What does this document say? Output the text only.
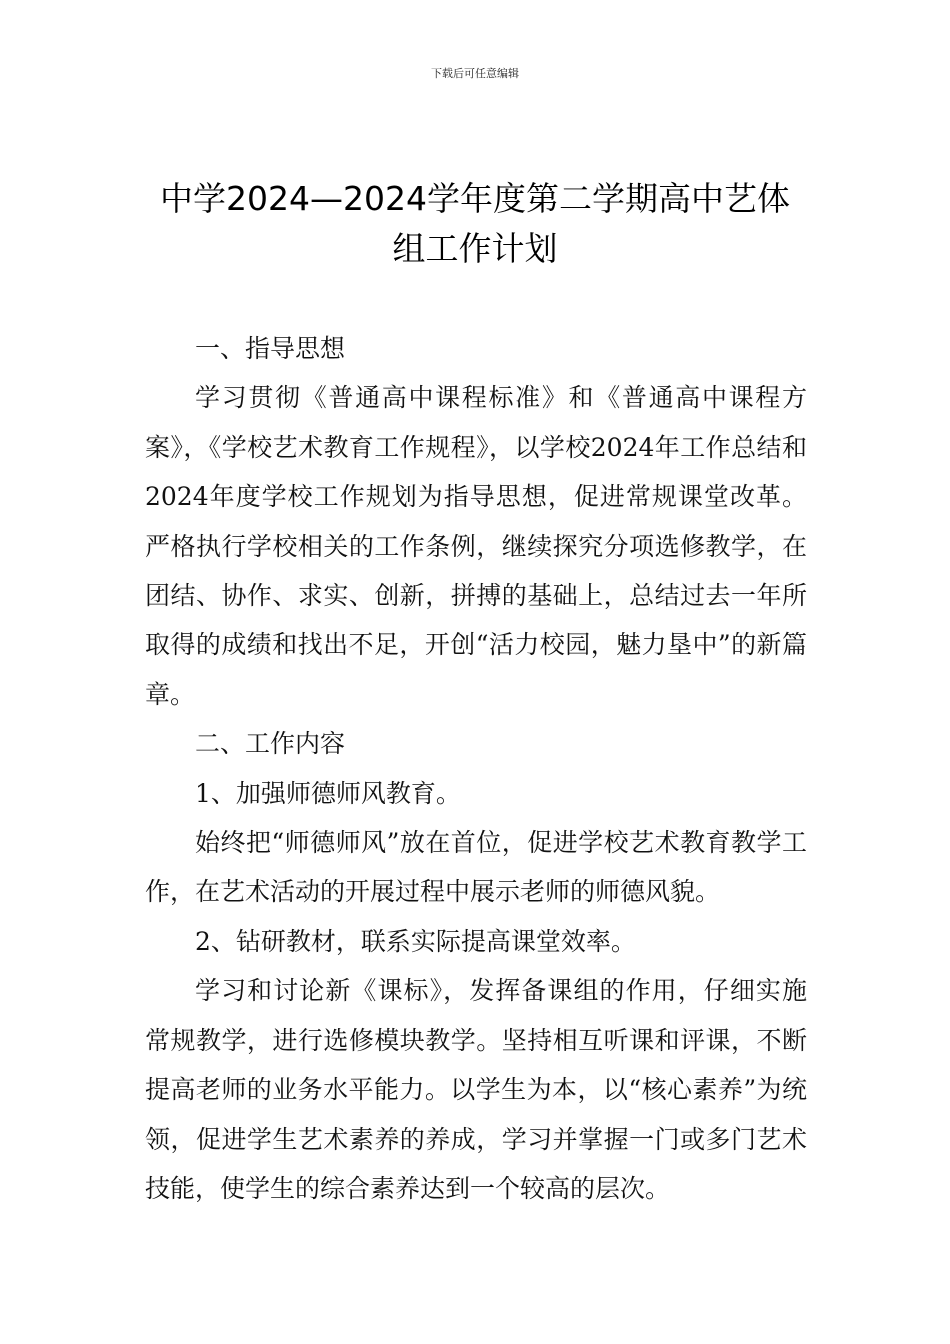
下载后可任意编辑
中学2024—2024学年度第二学期高中艺体
组工作计划

一、指导思想

学习贯彻《普通高中课程标准》和《普通高中课程方案》，《学校艺术教育工作规程》，以学校2024年工作总结和2024年度学校工作规划为指导思想，促进常规课堂改革。严格执行学校相关的工作条例，继续探究分项选修教学，在团结、协作、求实、创新，拼搏的基础上，总结过去一年所取得的成绩和找出不足，开创“活力校园，魅力垦中”的新篇章。

二、工作内容

1、加强师德师风教育。

始终把“师德师风”放在首位，促进学校艺术教育教学工作，在艺术活动的开展过程中展示老师的师德风貌。

2、钻研教材，联系实际提高课堂效率。

学习和讨论新《课标》，发挥备课组的作用，仔细实施常规教学，进行选修模块教学。坚持相互听课和评课，不断提高老师的业务水平能力。以学生为本，以“核心素养”为统领，促进学生艺术素养的养成，学习并掌握一门或多门艺术技能，使学生的综合素养达到一个较高的层次。
